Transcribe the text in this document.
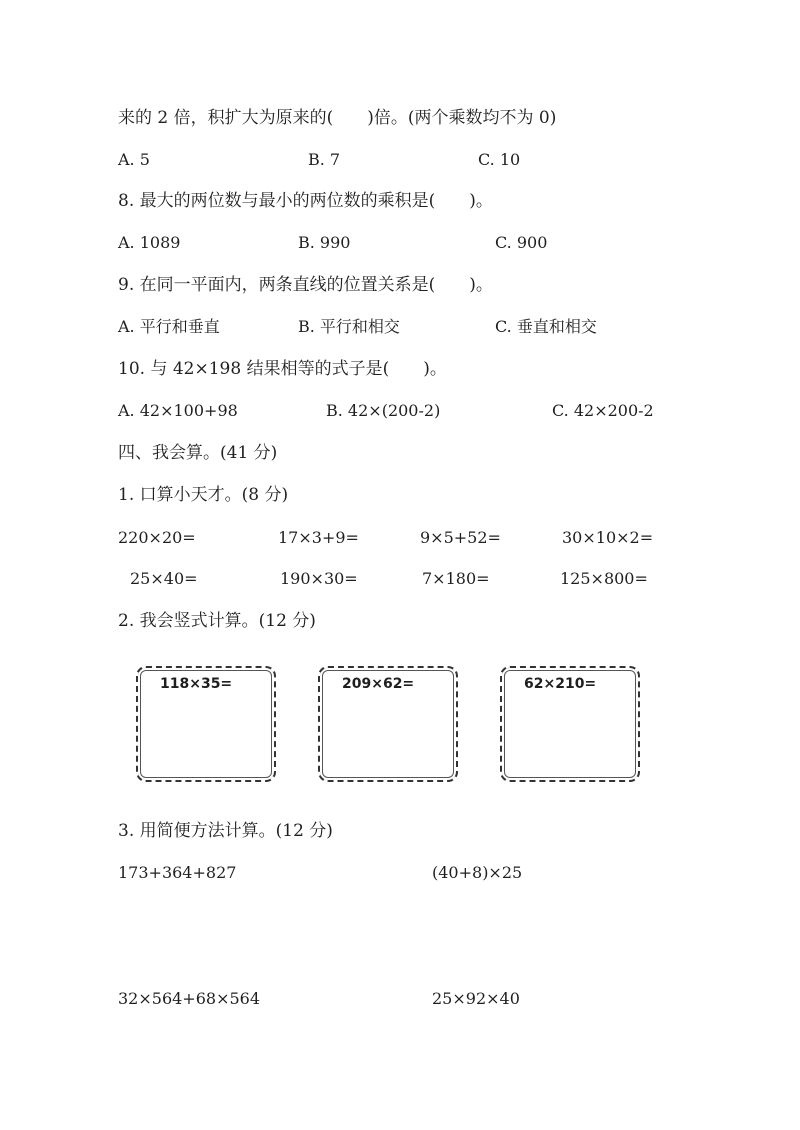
来的 2 倍，积扩大为原来的(　　)倍。(两个乘数均不为 0)
A. 5	B. 7	C. 10
8. 最大的两位数与最小的两位数的乘积是(　　)。
A. 1089	B. 990	C. 900
9. 在同一平面内，两条直线的位置关系是(　　)。
A. 平行和垂直	B. 平行和相交	C. 垂直和相交
10. 与 42×198 结果相等的式子是(　　)。
A. 42×100+98	B. 42×(200-2)	C. 42×200-2
四、我会算。(41 分)
1. 口算小天才。(8 分)
220×20=	17×3+9=	9×5+52=	30×10×2=
25×40=	190×30=	7×180=	125×800=
2. 我会竖式计算。(12 分)
118×35=	209×62=	62×210=
3. 用简便方法计算。(12 分)
173+364+827	(40+8)×25
32×564+68×564	25×92×40
